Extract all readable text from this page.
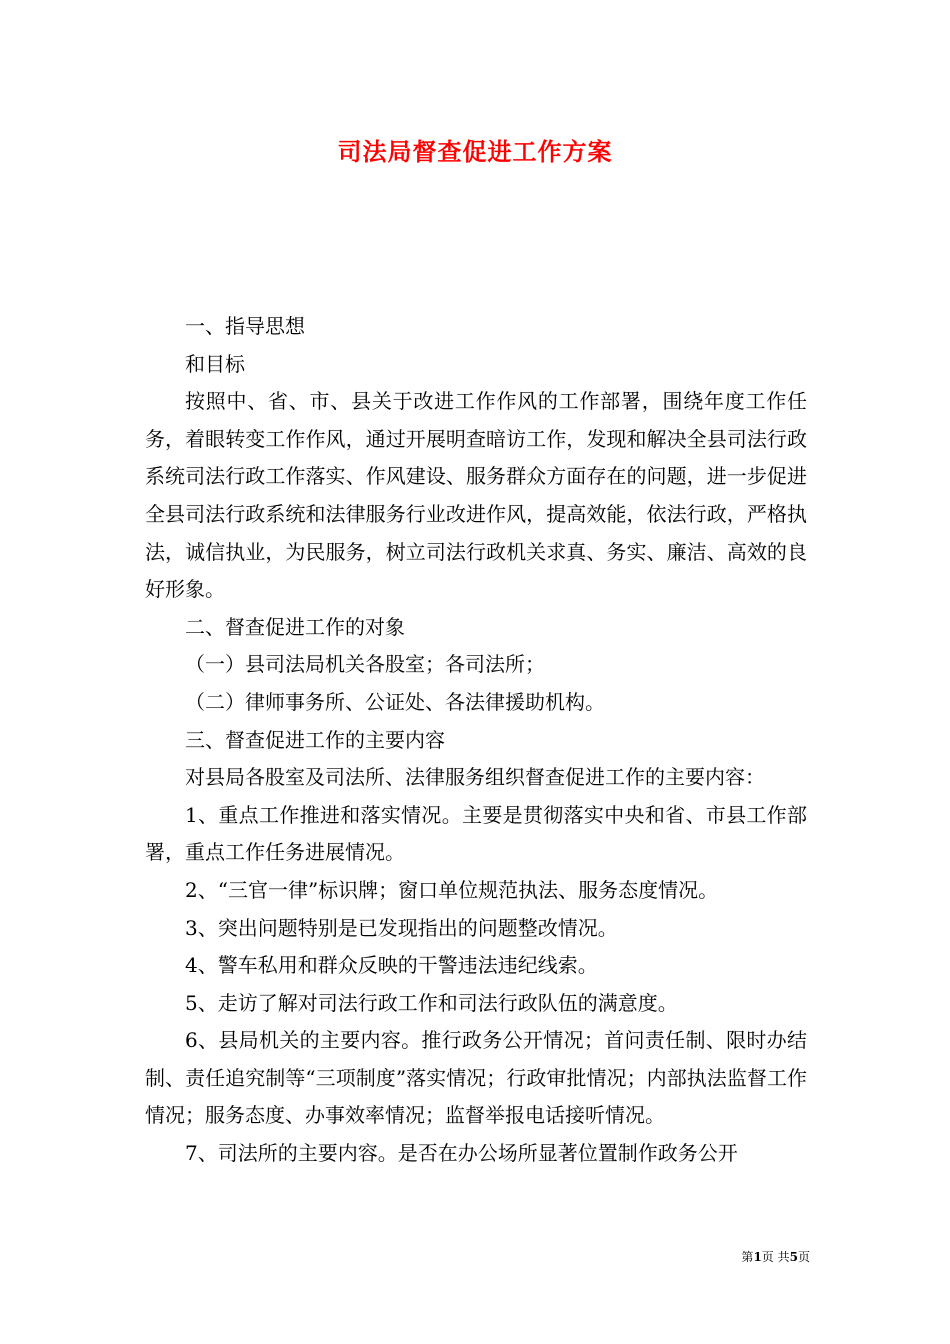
司法局督查促进工作方案

一、指导思想

和目标

按照中、省、市、县关于改进工作作风的工作部署，围绕年度工作任务，着眼转变工作作风，通过开展明查暗访工作，发现和解决全县司法行政系统司法行政工作落实、作风建设、服务群众方面存在的问题，进一步促进全县司法行政系统和法律服务行业改进作风，提高效能，依法行政，严格执法，诚信执业，为民服务，树立司法行政机关求真、务实、廉洁、高效的良好形象。

二、督查促进工作的对象

（一）县司法局机关各股室；各司法所；

（二）律师事务所、公证处、各法律援助机构。

三、督查促进工作的主要内容

对县局各股室及司法所、法律服务组织督查促进工作的主要内容：

1、重点工作推进和落实情况。主要是贯彻落实中央和省、市县工作部署，重点工作任务进展情况。

2、“三官一律”标识牌；窗口单位规范执法、服务态度情况。

3、突出问题特别是已发现指出的问题整改情况。

4、警车私用和群众反映的干警违法违纪线索。

5、走访了解对司法行政工作和司法行政队伍的满意度。

6、县局机关的主要内容。推行政务公开情况；首问责任制、限时办结制、责任追究制等“三项制度”落实情况；行政审批情况；内部执法监督工作情况；服务态度、办事效率情况；监督举报电话接听情况。

7、司法所的主要内容。是否在办公场所显著位置制作政务公开

第1页 共5页
